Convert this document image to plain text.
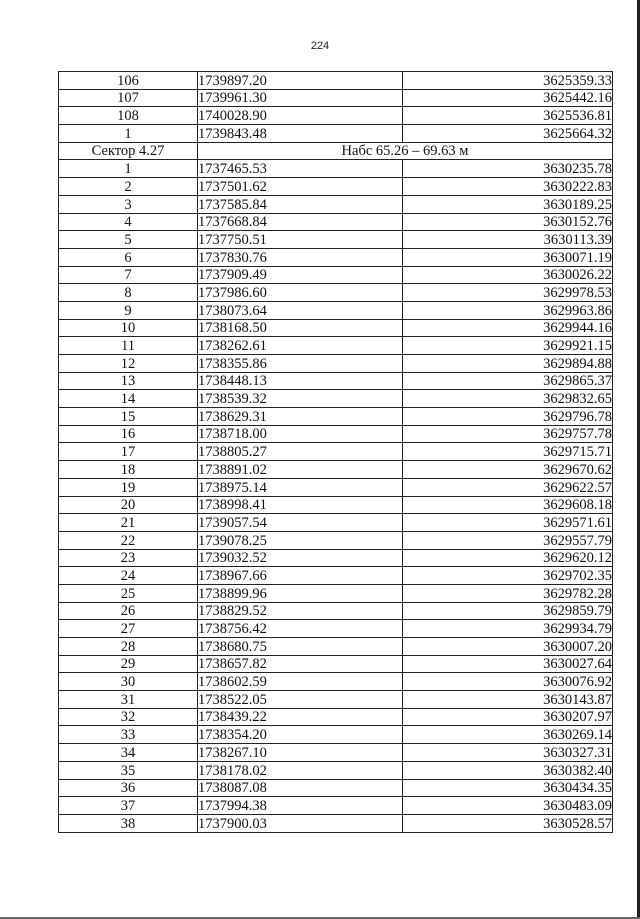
224
106	1739897.20	3625359.33
107	1739961.30	3625442.16
108	1740028.90	3625536.81
1	1739843.48	3625664.32
Сектор 4.27	Набс 65.26 – 69.63 м	
1	1737465.53	3630235.78
2	1737501.62	3630222.83
3	1737585.84	3630189.25
4	1737668.84	3630152.76
5	1737750.51	3630113.39
6	1737830.76	3630071.19
7	1737909.49	3630026.22
8	1737986.60	3629978.53
9	1738073.64	3629963.86
10	1738168.50	3629944.16
11	1738262.61	3629921.15
12	1738355.86	3629894.88
13	1738448.13	3629865.37
14	1738539.32	3629832.65
15	1738629.31	3629796.78
16	1738718.00	3629757.78
17	1738805.27	3629715.71
18	1738891.02	3629670.62
19	1738975.14	3629622.57
20	1738998.41	3629608.18
21	1739057.54	3629571.61
22	1739078.25	3629557.79
23	1739032.52	3629620.12
24	1738967.66	3629702.35
25	1738899.96	3629782.28
26	1738829.52	3629859.79
27	1738756.42	3629934.79
28	1738680.75	3630007.20
29	1738657.82	3630027.64
30	1738602.59	3630076.92
31	1738522.05	3630143.87
32	1738439.22	3630207.97
33	1738354.20	3630269.14
34	1738267.10	3630327.31
35	1738178.02	3630382.40
36	1738087.08	3630434.35
37	1737994.38	3630483.09
38	1737900.03	3630528.57
